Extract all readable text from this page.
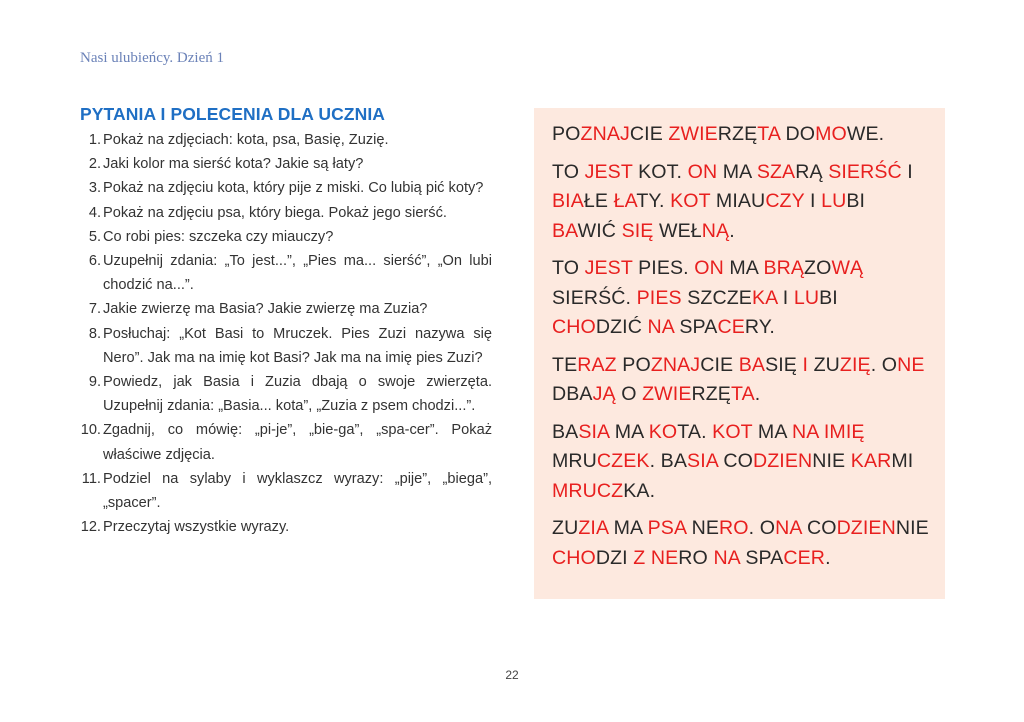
Nasi ulubieńcy. Dzień 1
PYTANIA I POLECENIA DLA UCZNIA
1. Pokaż na zdjęciach: kota, psa, Basię, Zuzię.
2. Jaki kolor ma sierść kota? Jakie są łaty?
3. Pokaż na zdjęciu kota, który pije z miski. Co lubią pić koty?
4. Pokaż na zdjęciu psa, który biega. Pokaż jego sierść.
5. Co robi pies: szczeka czy miauczy?
6. Uzupełnij zdania: „To jest...”, „Pies ma... sierść”, „On lubi chodzić na...”.
7. Jakie zwierzę ma Basia? Jakie zwierzę ma Zuzia?
8. Posłuchaj: „Kot Basi to Mruczek. Pies Zuzi nazywa się Nero”. Jak ma na imię kot Basi? Jak ma na imię pies Zuzi?
9. Powiedz, jak Basia i Zuzia dbają o swoje zwierzęta. Uzupełnij zdania: „Basia... kota”, „Zuzia z psem chodzi...”.
10. Zgadnij, co mówię: „pi-je”, „bie-ga”, „spa-cer”. Pokaż właściwe zdjęcia.
11. Podziel na sylaby i wyklaszcz wyrazy: „pije”, „biega”, „spacer”.
12. Przeczytaj wszystkie wyrazy.

POZNAJCIE ZWIERZĘTA DOMOWE.

TO JEST KOT. ON MA SZARĄ SIERŚĆ I BIAŁE ŁATY. KOT MIAUCZY I LUBI BAWIĆ SIĘ WEŁNĄ.

TO JEST PIES. ON MA BRĄZOWĄ SIERŚĆ. PIES SZCZEKA I LUBI CHODZIĆ NA SPACERY.

TERAZ POZNAJCIE BASIĘ I ZUZIĘ. ONE DBAJĄ O ZWIERZĘTA.

BASIA MA KOTA. KOT MA NA IMIĘ MRUCZEK. BASIA CODZIENNIE KARMI MRUCZKA.

ZUZIA MA PSA NERO. ONA CODZIENNIE CHODZI Z NERO NA SPACER.

22
